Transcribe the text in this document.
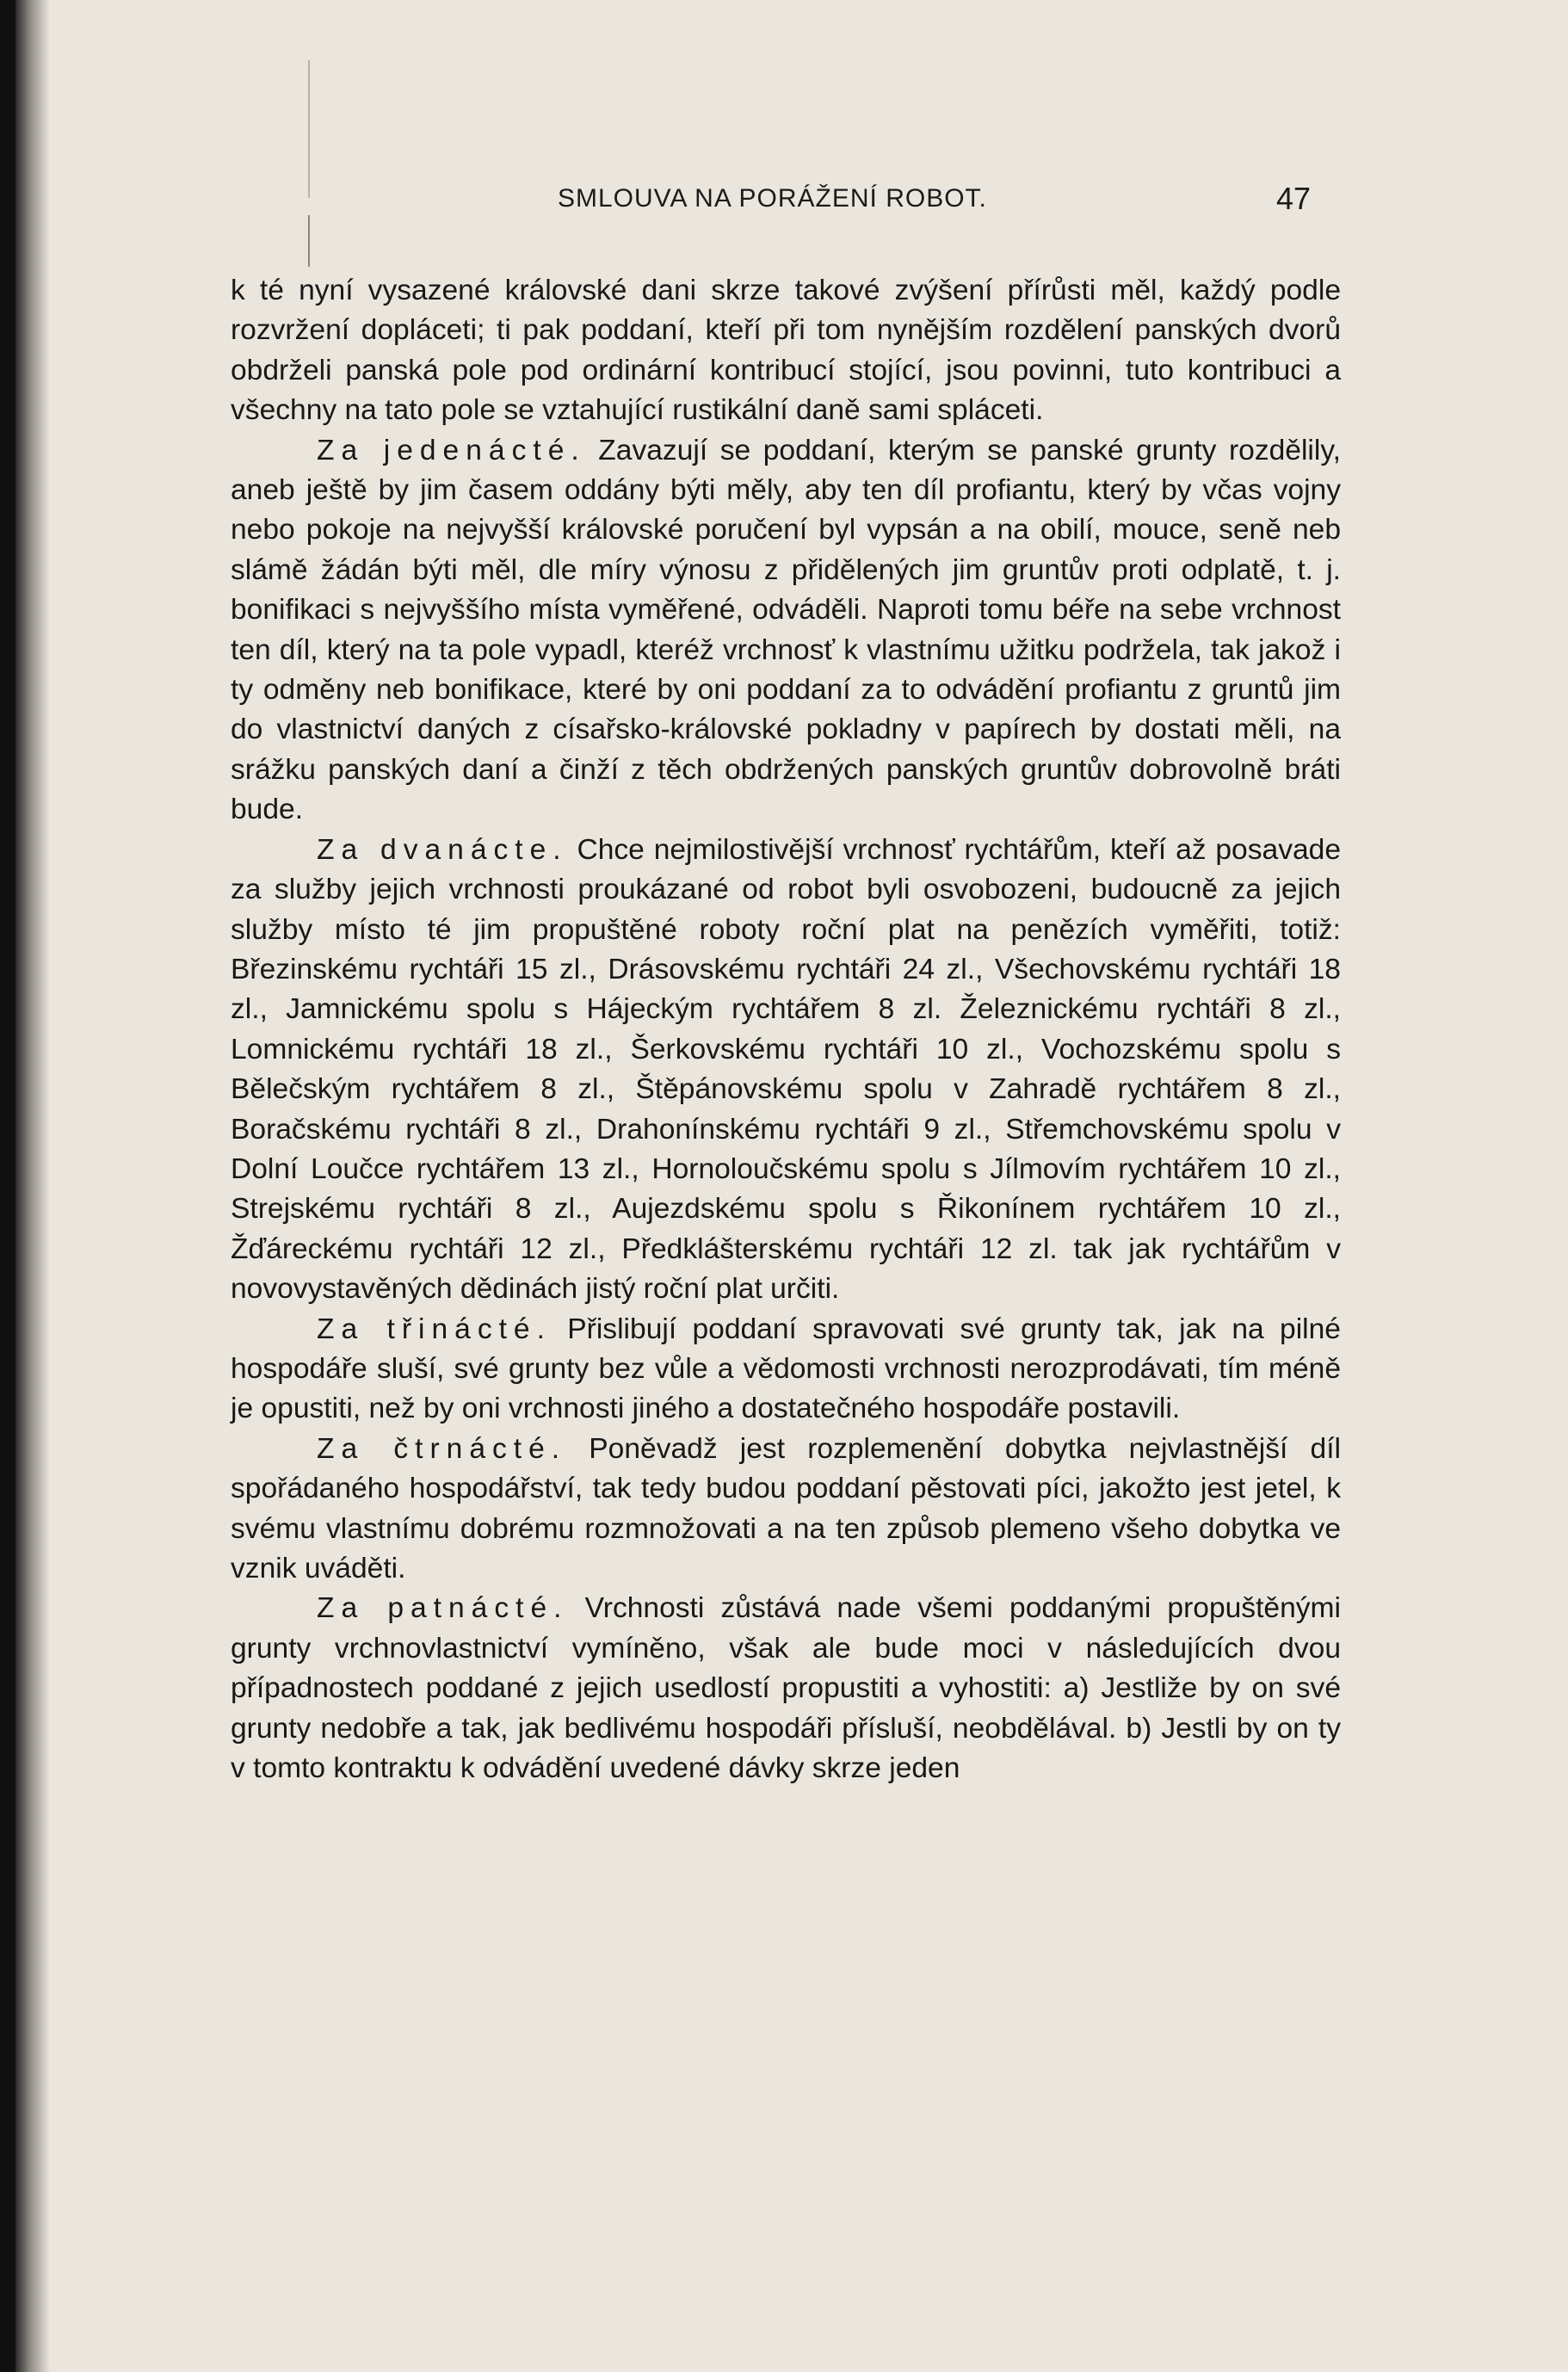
SMLOUVA NA PORÁŽENÍ ROBOT.	47

k té nyní vysazené královské dani skrze takové zvýšení přírůsti měl, každý podle rozvržení dopláceti; ti pak poddaní, kteří při tom nynějším rozdělení panských dvorů obdrželi panská pole pod ordinární kontribucí stojící, jsou povinni, tuto kontribuci a všechny na tato pole se vztahující rustikální daně sami spláceti.

Za jedenácté. Zavazují se poddaní, kterým se panské grunty rozdělily, aneb ještě by jim časem oddány býti měly, aby ten díl profiantu, který by včas vojny nebo pokoje na nejvyšší královské poručení byl vypsán a na obilí, mouce, seně neb slámě žádán býti měl, dle míry výnosu z přidělených jim gruntův proti odplatě, t. j. bonifikaci s nejvyššího místa vyměřené, odváděli. Naproti tomu béře na sebe vrchnost ten díl, který na ta pole vypadl, kteréž vrchnosť k vlastnímu užitku podržela, tak jakož i ty odměny neb bonifikace, které by oni poddaní za to odvádění profiantu z gruntů jim do vlastnictví daných z císařsko-královské pokladny v papírech by dostati měli, na srážku panských daní a činží z těch obdržených panských gruntův dobrovolně bráti bude.

Za dvanácte. Chce nejmilostivější vrchnosť rychtářům, kteří až posavade za služby jejich vrchnosti proukázané od robot byli osvobozeni, budoucně za jejich služby místo té jim propuštěné roboty roční plat na penězích vyměřiti, totiž: Březinskému rychtáři 15 zl., Drásovskému rychtáři 24 zl., Všechovskému rychtáři 18 zl., Jamnickému spolu s Hájeckým rychtářem 8 zl. Železnickému rychtáři 8 zl., Lomnickému rychtáři 18 zl., Šerkovskému rychtáři 10 zl., Vochozskému spolu s Bělečským rychtářem 8 zl., Štěpánovskému spolu v Zahradě rychtářem 8 zl., Boračskému rychtáři 8 zl., Drahonínskému rychtáři 9 zl., Střemchovskému spolu v Dolní Loučce rychtářem 13 zl., Hornoloučskému spolu s Jílmovím rychtářem 10 zl., Strejskému rychtáři 8 zl., Aujezdskému spolu s Řikonínem rychtářem 10 zl., Žďáreckému rychtáři 12 zl., Předklášterskému rychtáři 12 zl. tak jak rychtářům v novovystavěných dědinách jistý roční plat určiti.

Za třinácté. Přislibují poddaní spravovati své grunty tak, jak na pilné hospodáře sluší, své grunty bez vůle a vědomosti vrchnosti nerozprodávati, tím méně je opustiti, než by oni vrchnosti jiného a dostatečného hospodáře postavili.

Za čtrnácté. Poněvadž jest rozplemenění dobytka nejvlastnější díl spořádaného hospodářství, tak tedy budou poddaní pěstovati píci, jakožto jest jetel, k svému vlastnímu dobrému rozmnožovati a na ten způsob plemeno všeho dobytka ve vznik uváděti.

Za patnácté. Vrchnosti zůstává nade všemi poddanými propuštěnými grunty vrchnovlastnictví vymíněno, však ale bude moci v následujících dvou případnostech poddané z jejich usedlostí propustiti a vyhostiti: a) Jestliže by on své grunty nedobře a tak, jak bedlivému hospodáři přísluší, neobdělával. b) Jestli by on ty v tomto kontraktu k odvádění uvedené dávky skrze jeden
